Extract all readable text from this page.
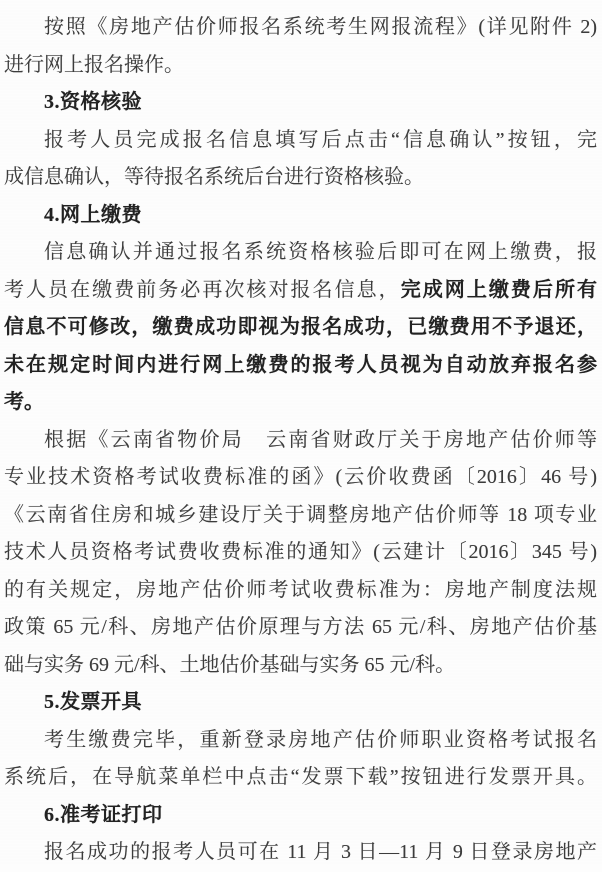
按照《房地产估价师报名系统考生网报流程》(详见附件 2)
进行网上报名操作。
3.资格核验
报考人员完成报名信息填写后点击“信息确认”按钮，完
成信息确认，等待报名系统后台进行资格核验。
4.网上缴费
信息确认并通过报名系统资格核验后即可在网上缴费，报
考人员在缴费前务必再次核对报名信息，完成网上缴费后所有
信息不可修改，缴费成功即视为报名成功，已缴费用不予退还，
未在规定时间内进行网上缴费的报考人员视为自动放弃报名参
考。
根据《云南省物价局　云南省财政厅关于房地产估价师等
专业技术资格考试收费标准的函》(云价收费函〔2016〕46 号)
《云南省住房和城乡建设厅关于调整房地产估价师等 18 项专业
技术人员资格考试费收费标准的通知》(云建计〔2016〕345 号)
的有关规定，房地产估价师考试收费标准为：房地产制度法规
政策 65 元/科、房地产估价原理与方法 65 元/科、房地产估价基
础与实务 69 元/科、土地估价基础与实务 65 元/科。
5.发票开具
考生缴费完毕，重新登录房地产估价师职业资格考试报名
系统后，在导航菜单栏中点击“发票下载”按钮进行发票开具。
6.准考证打印
报名成功的报考人员可在 11 月 3 日—11 月 9 日登录房地产
